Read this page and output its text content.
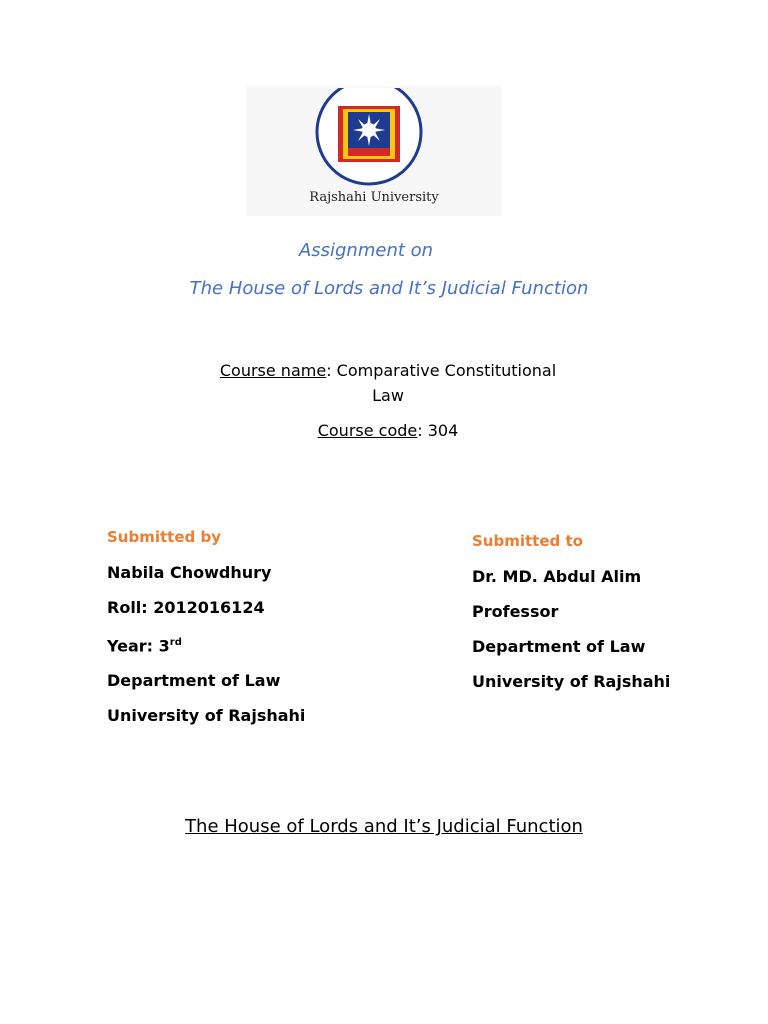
Rajshahi University
Assignment on
The House of Lords and It’s Judicial Function
Course name: Comparative Constitutional
Law
Course code: 304
Submitted by
Nabila Chowdhury
Roll: 2012016124
Year: 3rd
Department of Law
University of Rajshahi
Submitted to
Dr. MD. Abdul Alim
Professor
Department of Law
University of Rajshahi
The House of Lords and It’s Judicial Function
